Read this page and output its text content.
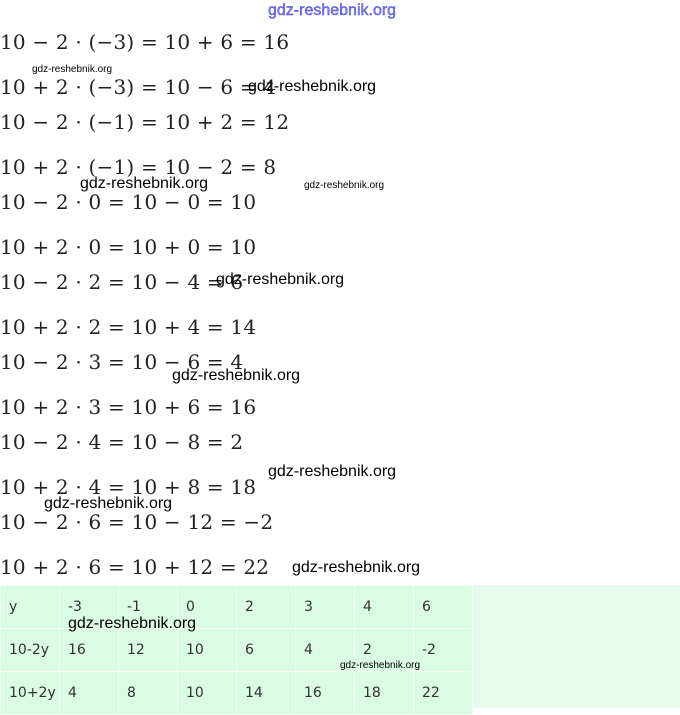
10 − 2 · (−3) = 10 + 6 = 16
10 + 2 · (−3) = 10 − 6 = 4
10 − 2 · (−1) = 10 + 2 = 12
10 + 2 · (−1) = 10 − 2 = 8
10 − 2 · 0 = 10 − 0 = 10
10 + 2 · 0 = 10 + 0 = 10
10 − 2 · 2 = 10 − 4 = 6
10 + 2 · 2 = 10 + 4 = 14
10 − 2 · 3 = 10 − 6 = 4
10 + 2 · 3 = 10 + 6 = 16
10 − 2 · 4 = 10 − 8 = 2
10 + 2 · 4 = 10 + 8 = 18
10 − 2 · 6 = 10 − 12 = −2
10 + 2 · 6 = 10 + 12 = 22
y	-3	-1	0	2	3	4	6
10-2y	16	12	10	6	4	2	-2
10+2y	4	8	10	14	16	18	22
gdz-reshebnik.org
gdz-reshebnik.org
gdz-reshebnik.org
gdz-reshebnik.org	gdz-reshebnik.org
gdz-reshebnik.org
gdz-reshebnik.org
gdz-reshebnik.org
gdz-reshebnik.org
gdz-reshebnik.org
gdz-reshebnik.org
gdz-reshebnik.org
